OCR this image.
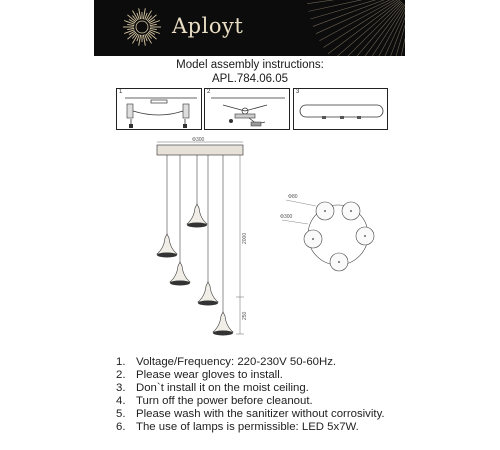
Aployt
Model assembly instructions:
APL.784.06.05
1	2	3
Φ300
2000
250
Φ80
Φ300
1. Voltage/Frequency: 220-230V 50-60Hz.
2. Please wear gloves to install.
3. Don`t install it on the moist ceiling.
4. Turn off the power before cleanout.
5. Please wash with the sanitizer without corrosivity.
6. The use of lamps is permissible: LED 5x7W.
